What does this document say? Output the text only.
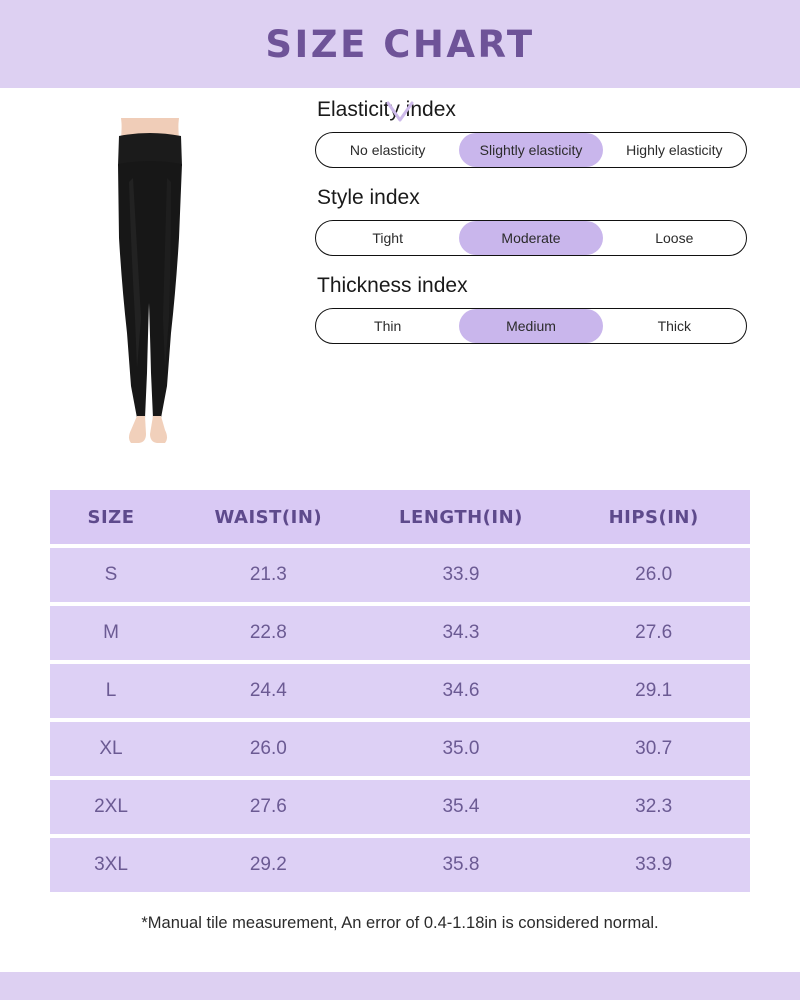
SIZE CHART
Elasticity index
No elasticity	Slightly elasticity	Highly elasticity
Style index
Tight	Moderate	Loose
Thickness index
Thin	Medium	Thick
SIZE	WAIST(IN)	LENGTH(IN)	HIPS(IN)
S	21.3	33.9	26.0
M	22.8	34.3	27.6
L	24.4	34.6	29.1
XL	26.0	35.0	30.7
2XL	27.6	35.4	32.3
3XL	29.2	35.8	33.9
*Manual tile measurement, An error of 0.4-1.18in is considered normal.
